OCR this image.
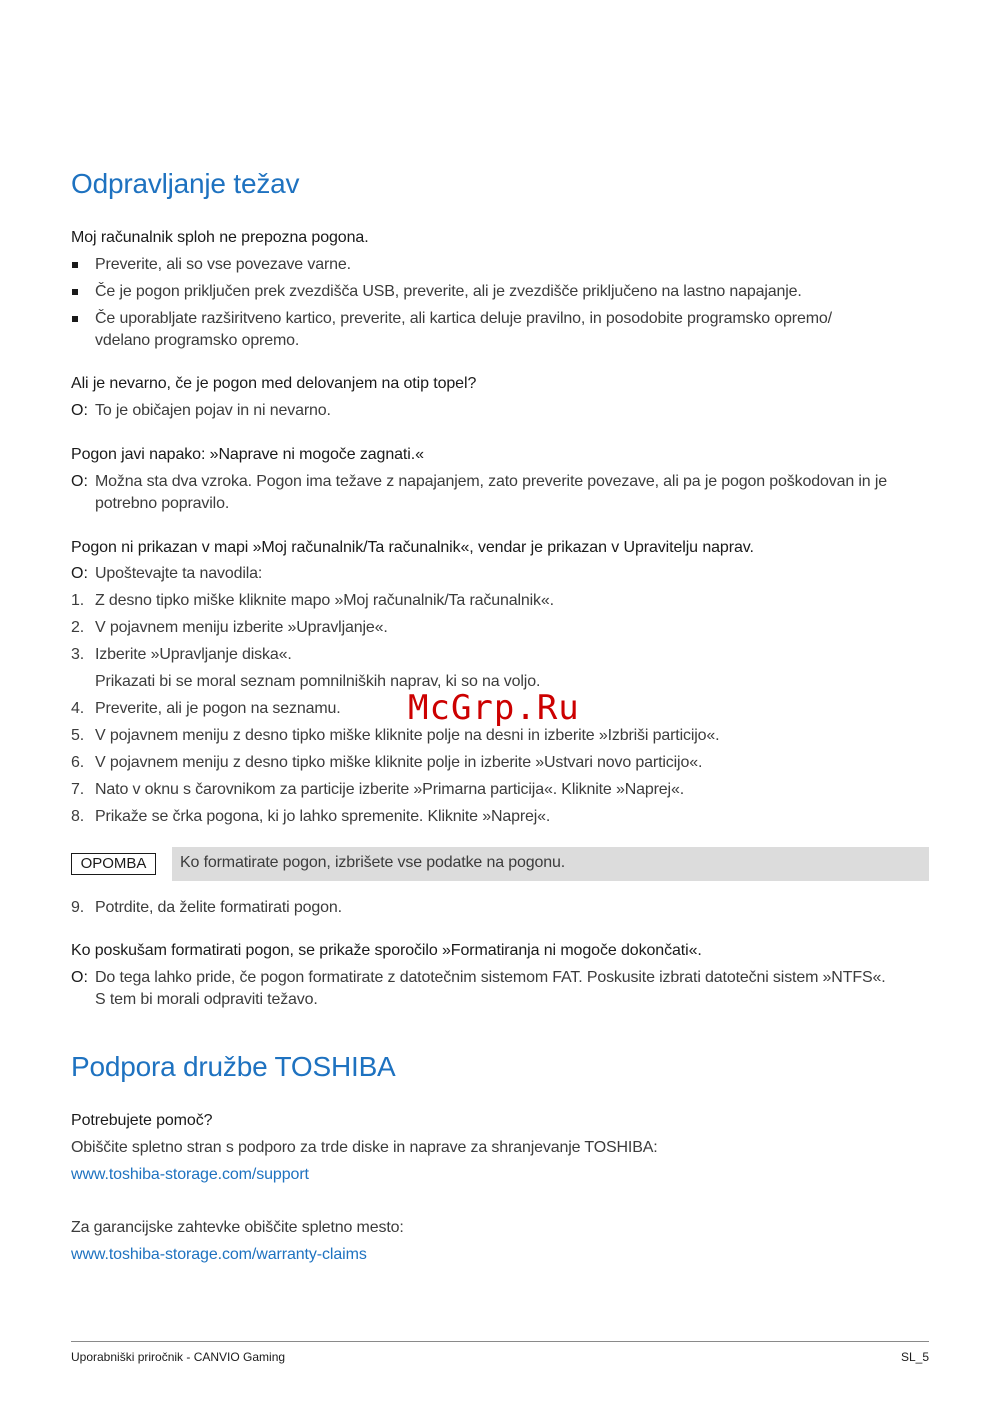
Odpravljanje težav
Moj računalnik sploh ne prepozna pogona.
Preverite, ali so vse povezave varne.
Če je pogon priključen prek zvezdišča USB, preverite, ali je zvezdišče priključeno na lastno napajanje.
Če uporabljate razširitveno kartico, preverite, ali kartica deluje pravilno, in posodobite programsko opremo/
vdelano programsko opremo.
Ali je nevarno, če je pogon med delovanjem na otip topel?
O: To je običajen pojav in ni nevarno.
Pogon javi napako: »Naprave ni mogoče zagnati.«
O: Možna sta dva vzroka. Pogon ima težave z napajanjem, zato preverite povezave, ali pa je pogon poškodovan in je
potrebno popravilo.
Pogon ni prikazan v mapi »Moj računalnik/Ta računalnik«, vendar je prikazan v Upravitelju naprav.
O: Upoštevajte ta navodila:
1. Z desno tipko miške kliknite mapo »Moj računalnik/Ta računalnik«.
2. V pojavnem meniju izberite »Upravljanje«.
3. Izberite »Upravljanje diska«.
Prikazati bi se moral seznam pomnilniških naprav, ki so na voljo.
4. Preverite, ali je pogon na seznamu.
5. V pojavnem meniju z desno tipko miške kliknite polje na desni in izberite »Izbriši particijo«.
6. V pojavnem meniju z desno tipko miške kliknite polje in izberite »Ustvari novo particijo«.
7. Nato v oknu s čarovnikom za particije izberite »Primarna particija«. Kliknite »Naprej«.
8. Prikaže se črka pogona, ki jo lahko spremenite. Kliknite »Naprej«.
OPOMBA	Ko formatirate pogon, izbrišete vse podatke na pogonu.
9. Potrdite, da želite formatirati pogon.
Ko poskušam formatirati pogon, se prikaže sporočilo »Formatiranja ni mogoče dokončati«.
O: Do tega lahko pride, če pogon formatirate z datotečnim sistemom FAT. Poskusite izbrati datotečni sistem »NTFS«.
S tem bi morali odpraviti težavo.
Podpora družbe TOSHIBA
Potrebujete pomoč?
Obiščite spletno stran s podporo za trde diske in naprave za shranjevanje TOSHIBA:
www.toshiba-storage.com/support
Za garancijske zahtevke obiščite spletno mesto:
www.toshiba-storage.com/warranty-claims
McGrp.Ru
Uporabniški priročnik - CANVIO Gaming	SL_5
